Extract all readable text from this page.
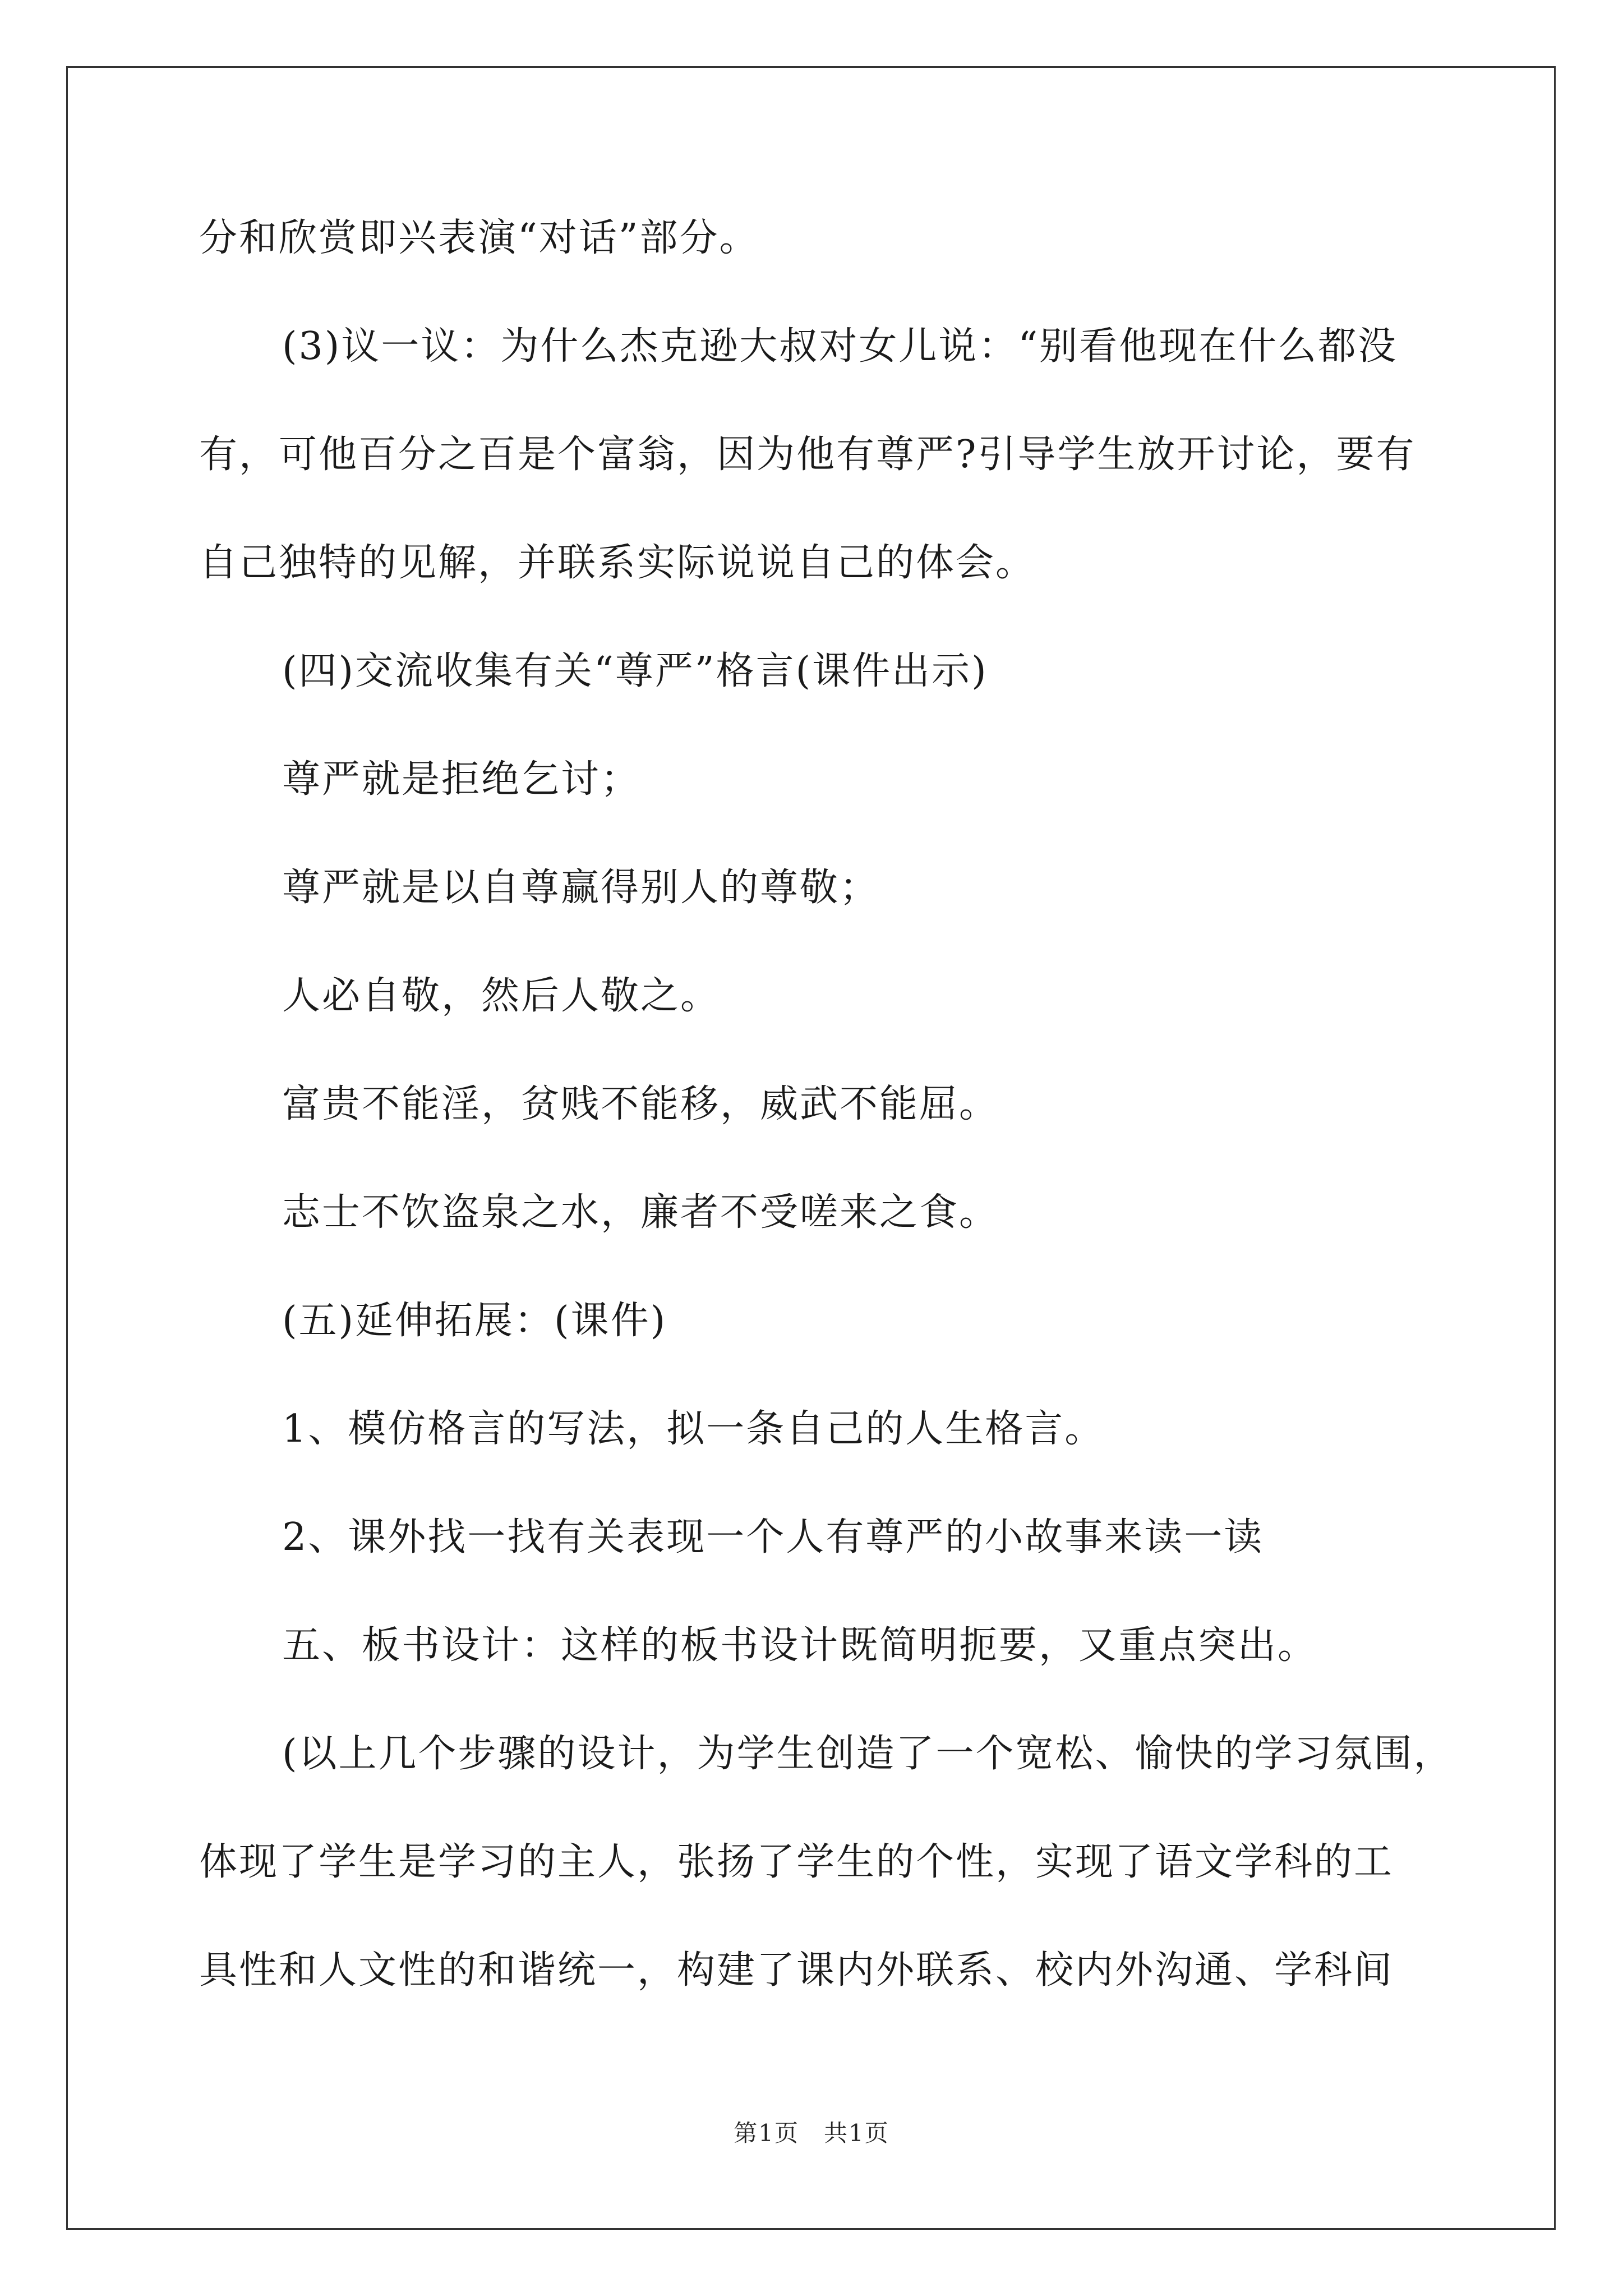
分和欣赏即兴表演“对话”部分。
(3)议一议：为什么杰克逊大叔对女儿说：“别看他现在什么都没
有，可他百分之百是个富翁，因为他有尊严?引导学生放开讨论，要有
自己独特的见解，并联系实际说说自己的体会。
(四)交流收集有关“尊严”格言(课件出示)
尊严就是拒绝乞讨；
尊严就是以自尊赢得别人的尊敬；
人必自敬，然后人敬之。
富贵不能淫，贫贱不能移，威武不能屈。
志士不饮盗泉之水，廉者不受嗟来之食。
(五)延伸拓展：(课件)
1、模仿格言的写法，拟一条自己的人生格言。
2、课外找一找有关表现一个人有尊严的小故事来读一读
五、板书设计：这样的板书设计既简明扼要，又重点突出。
(以上几个步骤的设计，为学生创造了一个宽松、愉快的学习氛围，
体现了学生是学习的主人，张扬了学生的个性，实现了语文学科的工
具性和人文性的和谐统一，构建了课内外联系、校内外沟通、学科间
第1页　共1页
